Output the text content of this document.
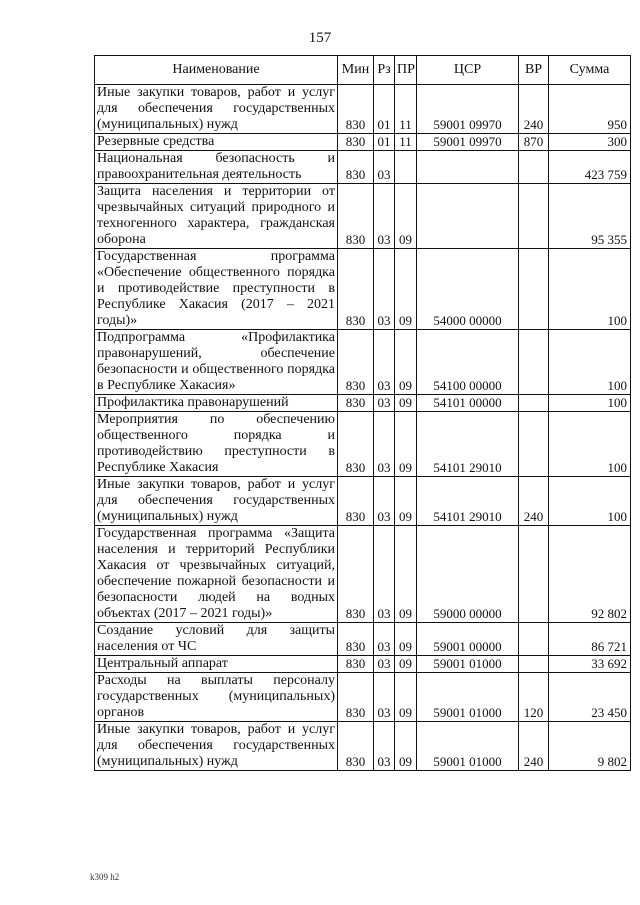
157
Наименование	Мин	Рз	ПР	ЦСР	ВР	Сумма
Иные закупки товаров, работ и услуг для обеспечения государственных (муниципальных) нужд	830	01	11	59001 09970	240	950
Резервные средства	830	01	11	59001 09970	870	300
Национальная безопасность и правоохранительная деятельность	830	03				423 759
Защита населения и территории от чрезвычайных ситуаций природного и техногенного характера, гражданская оборона	830	03	09			95 355
Государственная программа «Обеспечение общественного порядка и противодействие преступности в Республике Хакасия (2017 – 2021 годы)»	830	03	09	54000 00000		100
Подпрограмма «Профилактика правонарушений, обеспечение безопасности и общественного порядка в Республике Хакасия»	830	03	09	54100 00000		100
Профилактика правонарушений	830	03	09	54101 00000		100
Мероприятия по обеспечению общественного порядка и противодействию преступности в Республике Хакасия	830	03	09	54101 29010		100
Иные закупки товаров, работ и услуг для обеспечения государственных (муниципальных) нужд	830	03	09	54101 29010	240	100
Государственная программа «Защита населения и территорий Республики Хакасия от чрезвычайных ситуаций, обеспечение пожарной безопасности и безопасности людей на водных объектах (2017 – 2021 годы)»	830	03	09	59000 00000		92 802
Создание условий для защиты населения от ЧС	830	03	09	59001 00000		86 721
Центральный аппарат	830	03	09	59001 01000		33 692
Расходы на выплаты персоналу государственных (муниципальных) органов	830	03	09	59001 01000	120	23 450
Иные закупки товаров, работ и услуг для обеспечения государственных (муниципальных) нужд	830	03	09	59001 01000	240	9 802
k309 h2
